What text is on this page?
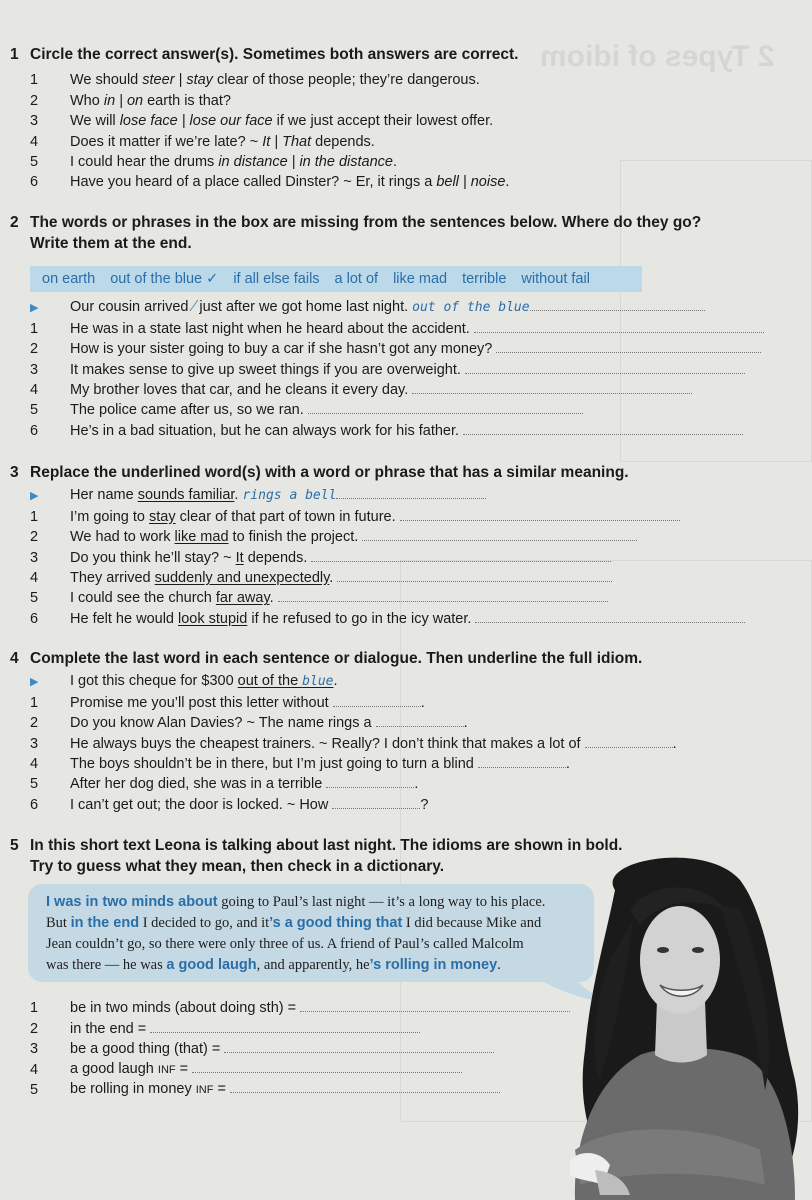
2 Types of idiom
1 Circle the correct answer(s). Sometimes both answers are correct.
1	We should steer | stay clear of those people; they’re dangerous.
2	Who in | on earth is that?
3	We will lose face | lose our face if we just accept their lowest offer.
4	Does it matter if we’re late? ~ It | That depends.
5	I could hear the drums in distance | in the distance.
6	Have you heard of a place called Dinster? ~ Er, it rings a bell | noise.
2 The words or phrases in the box are missing from the sentences below. Where do they go?
Write them at the end.
on earth out of the blue ✓ if all else fails a lot of like mad terrible without fail
▶	Our cousin arrived ⁄ just after we got home last night. out of the blue
1	He was in a state last night when he heard about the accident.
2	How is your sister going to buy a car if she hasn’t got any money?
3	It makes sense to give up sweet things if you are overweight.
4	My brother loves that car, and he cleans it every day.
5	The police came after us, so we ran.
6	He’s in a bad situation, but he can always work for his father.
3 Replace the underlined word(s) with a word or phrase that has a similar meaning.
▶	Her name sounds familiar. rings a bell
1	I’m going to stay clear of that part of town in future.
2	We had to work like mad to finish the project.
3	Do you think he’ll stay? ~ It depends.
4	They arrived suddenly and unexpectedly.
5	I could see the church far away.
6	He felt he would look stupid if he refused to go in the icy water.
4 Complete the last word in each sentence or dialogue. Then underline the full idiom.
▶	I got this cheque for $300 out of the blue.
1	Promise me you’ll post this letter without	.
2	Do you know Alan Davies? ~ The name rings a	.
3	He always buys the cheapest trainers. ~ Really? I don’t think that makes a lot of	.
4	The boys shouldn’t be in there, but I’m just going to turn a blind	.
5	After her dog died, she was in a terrible	.
6	I can’t get out; the door is locked. ~ How	?
5 In this short text Leona is talking about last night. The idioms are shown in bold.
Try to guess what they mean, then check in a dictionary.
I was in two minds about going to Paul’s last night — it’s a long way to his place.
But in the end I decided to go, and it’s a good thing that I did because Mike and
Jean couldn’t go, so there were only three of us. A friend of Paul’s called Malcolm
was there — he was a good laugh, and apparently, he’s rolling in money.
1	be in two minds (about doing sth) =
2	in the end =
3	be a good thing (that) =
4	a good laugh INF =
5	be rolling in money INF =
